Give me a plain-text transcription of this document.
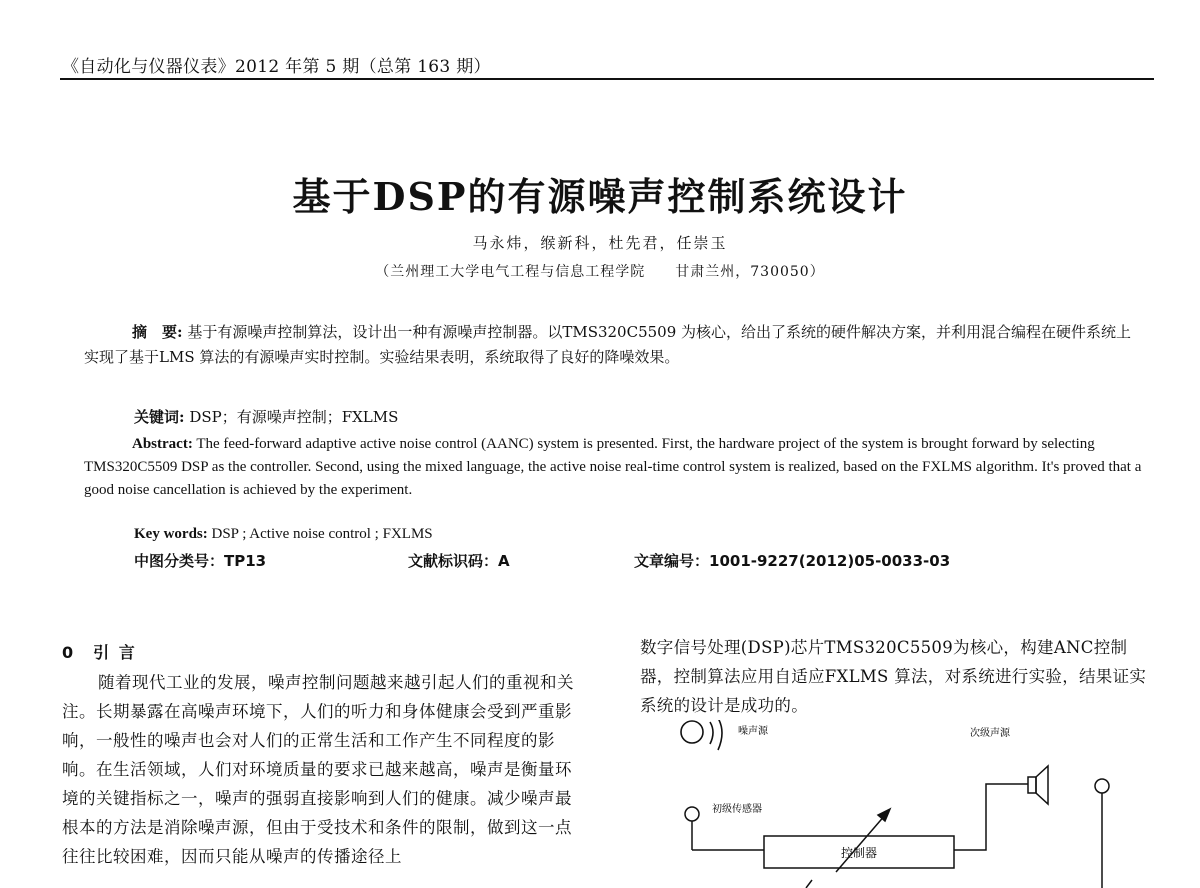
《自动化与仪器仪表》2012 年第 5 期（总第 163 期）
基于DSP的有源噪声控制系统设计
马永炜，缑新科，杜先君，任崇玉
（兰州理工大学电气工程与信息工程学院　　甘肃兰州，730050）
摘　要: 基于有源噪声控制算法，设计出一种有源噪声控制器。以TMS320C5509 为核心，给出了系统的硬件解决方案，并利用混合编程在硬件系统上实现了基于LMS 算法的有源噪声实时控制。实验结果表明，系统取得了良好的降噪效果。
关键词: DSP；有源噪声控制；FXLMS
Abstract: The feed-forward adaptive active noise control (AANC) system is presented. First, the hardware project of the system is brought forward by selecting TMS320C5509 DSP as the controller. Second, using the mixed language, the active noise real-time control system is realized, based on the FXLMS algorithm. It's proved that a good noise cancellation is achieved by the experiment.
Key words: DSP ; Active noise control ; FXLMS
中图分类号：TP13	文献标识码：A	文章编号：1001-9227(2012)05-0033-03
0　引 言
随着现代工业的发展，噪声控制问题越来越引起人们的重视和关注。长期暴露在高噪声环境下，人们的听力和身体健康会受到严重影响，一般性的噪声也会对人们的正常生活和工作产生不同程度的影响。在生活领域，人们对环境质量的要求已越来越高，噪声是衡量环境的关键指标之一，噪声的强弱直接影响到人们的健康。减少噪声最根本的方法是消除噪声源，但由于受技术和条件的限制，做到这一点往往比较困难，因而只能从噪声的传播途径上
数字信号处理(DSP)芯片TMS320C5509为核心，构建ANC控制器，控制算法应用自适应FXLMS 算法，对系统进行实验，结果证实系统的设计是成功的。
噪声源	次级声源
初级传感器
控制器
